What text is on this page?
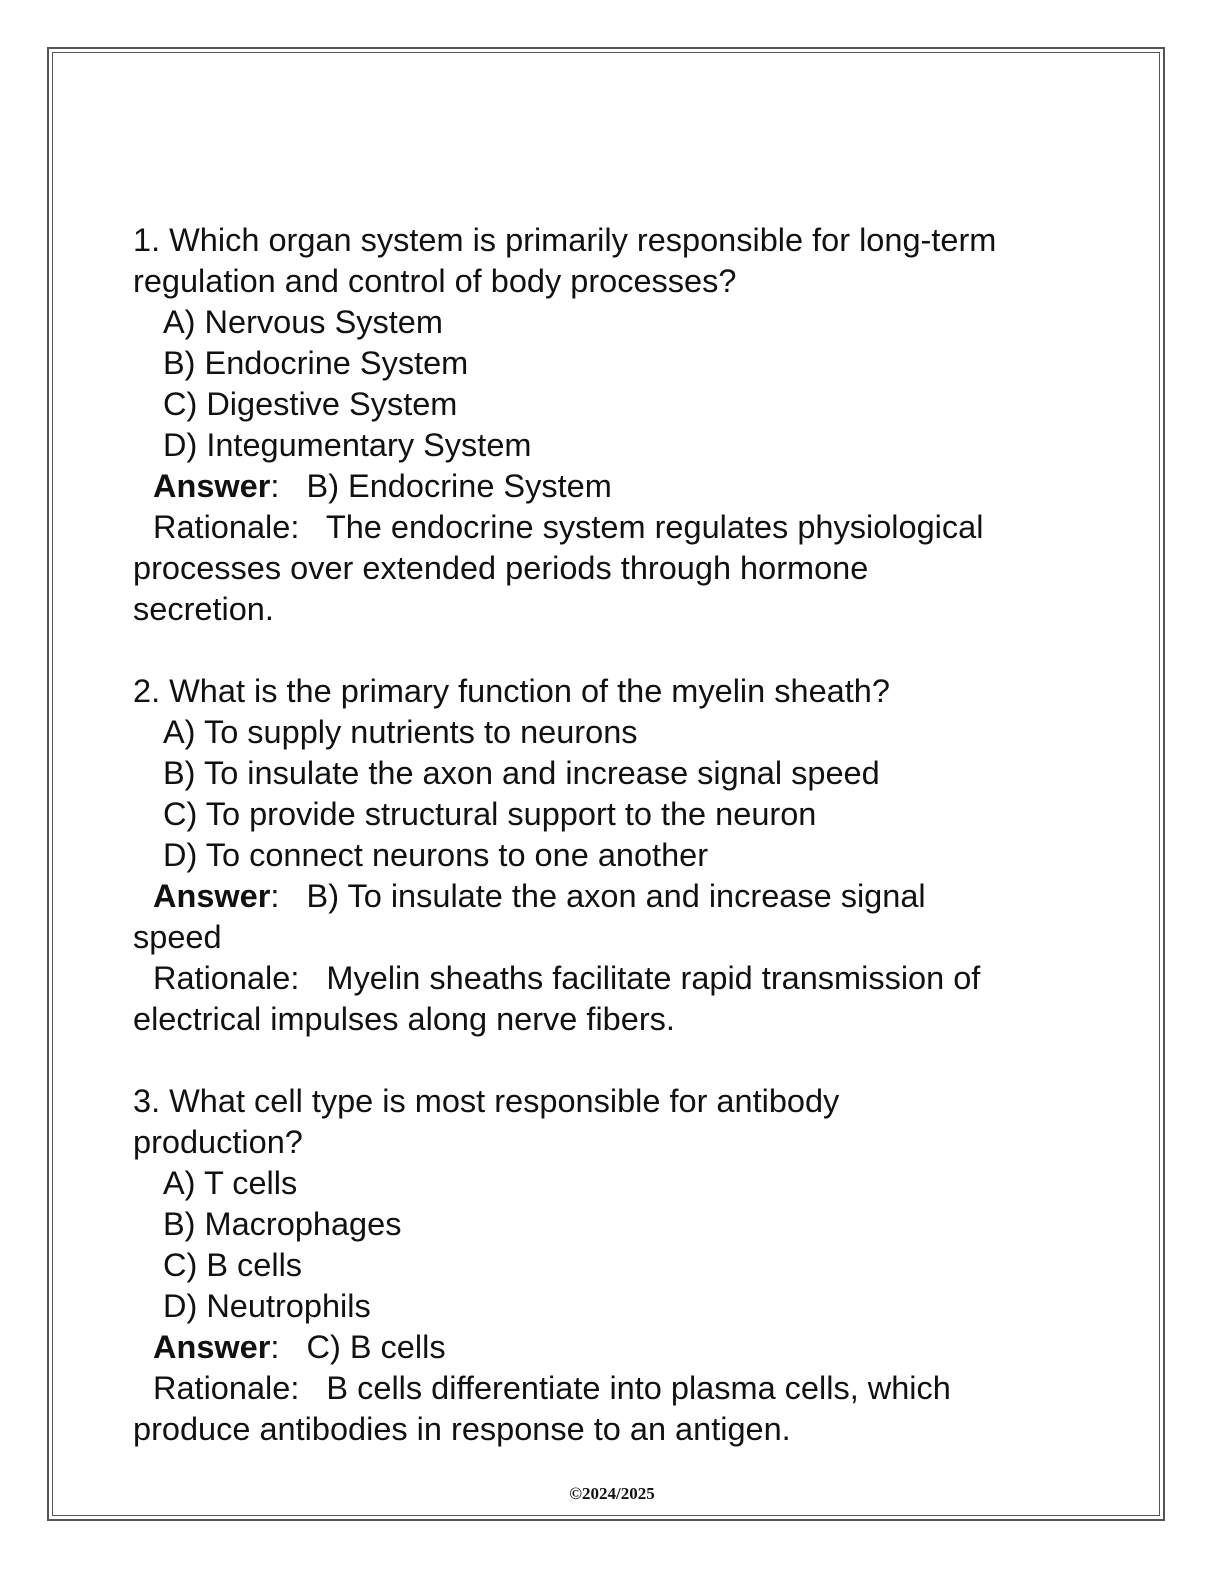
1. Which organ system is primarily responsible for long-term
regulation and control of body processes?
A) Nervous System
B) Endocrine System
C) Digestive System
D) Integumentary System
Answer:   B) Endocrine System
Rationale:   The endocrine system regulates physiological
processes over extended periods through hormone
secretion.
2. What is the primary function of the myelin sheath?
A) To supply nutrients to neurons
B) To insulate the axon and increase signal speed
C) To provide structural support to the neuron
D) To connect neurons to one another
Answer:   B) To insulate the axon and increase signal
speed
Rationale:   Myelin sheaths facilitate rapid transmission of
electrical impulses along nerve fibers.
3. What cell type is most responsible for antibody
production?
A) T cells
B) Macrophages
C) B cells
D) Neutrophils
Answer:   C) B cells
Rationale:   B cells differentiate into plasma cells, which
produce antibodies in response to an antigen.
©2024/2025
